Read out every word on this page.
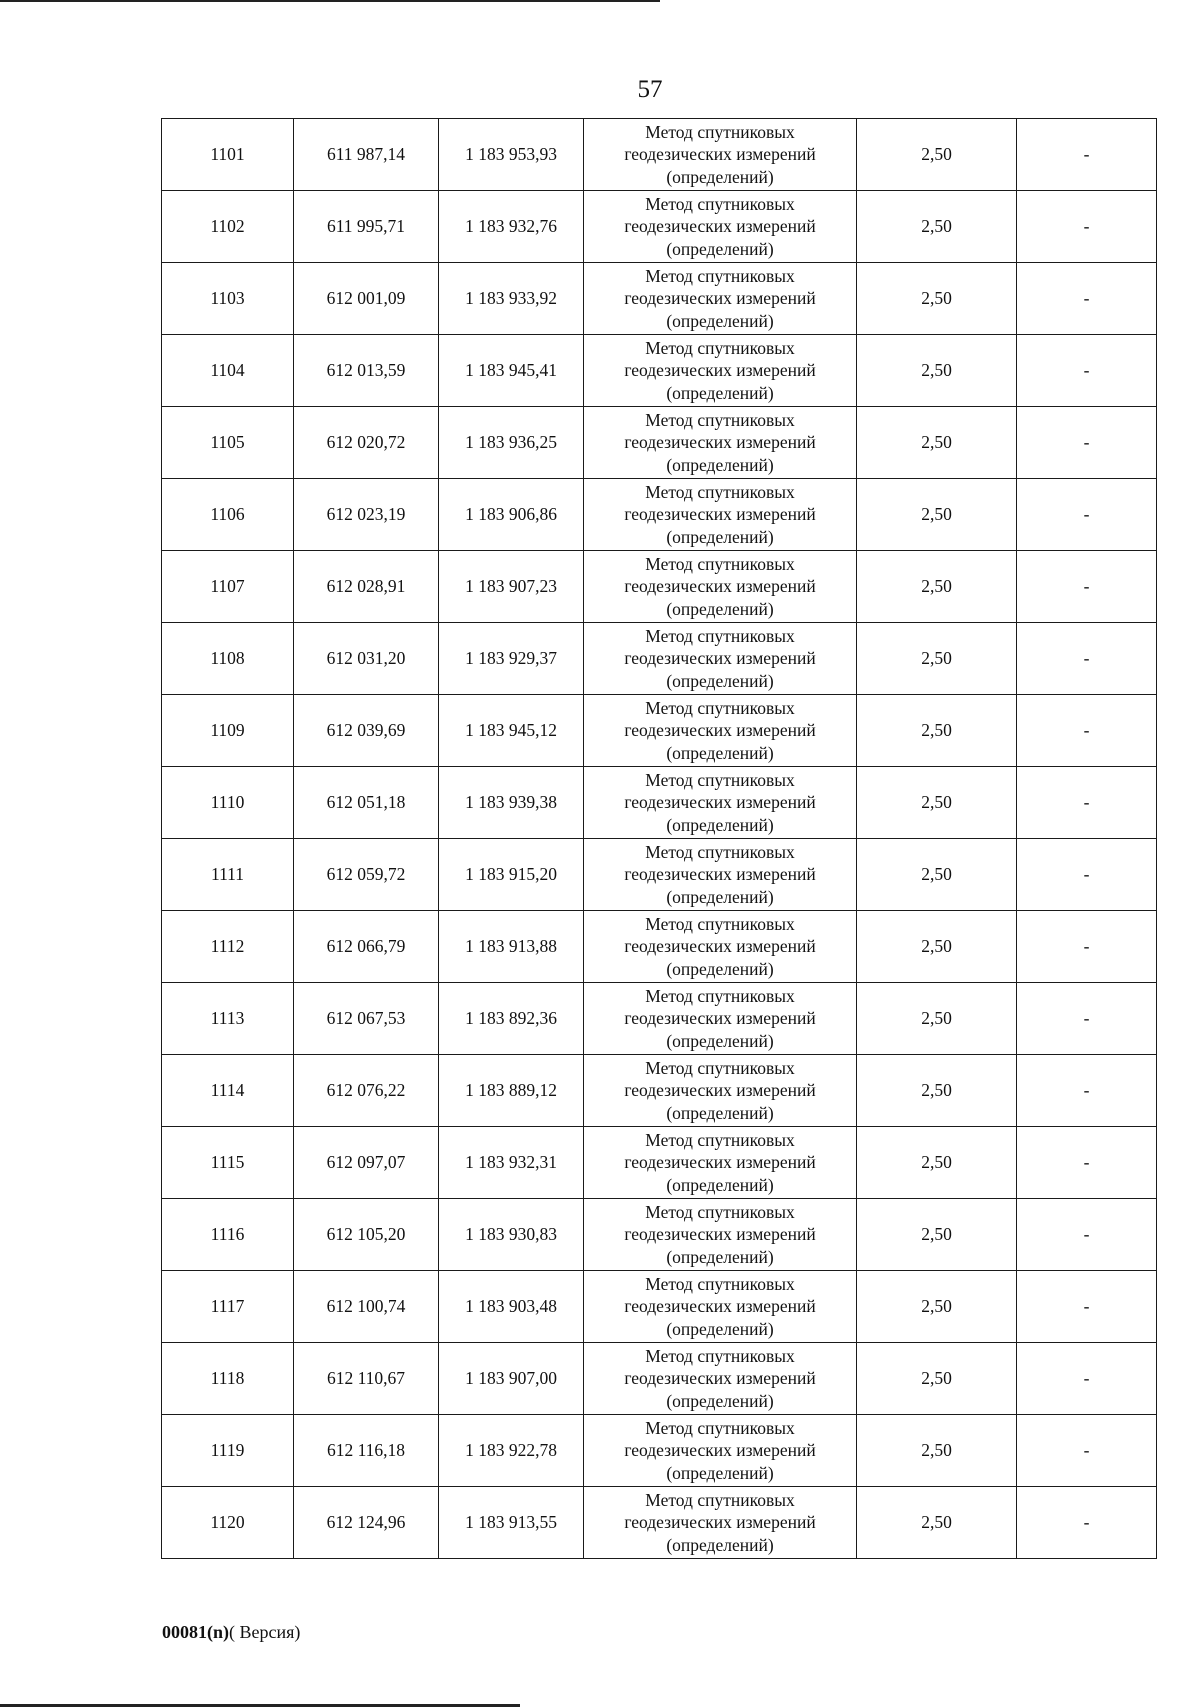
57
1101	611 987,14	1 183 953,93	Метод спутниковых
геодезических измерений
(определений)	2,50	-
1102	611 995,71	1 183 932,76	Метод спутниковых
геодезических измерений
(определений)	2,50	-
1103	612 001,09	1 183 933,92	Метод спутниковых
геодезических измерений
(определений)	2,50	-
1104	612 013,59	1 183 945,41	Метод спутниковых
геодезических измерений
(определений)	2,50	-
1105	612 020,72	1 183 936,25	Метод спутниковых
геодезических измерений
(определений)	2,50	-
1106	612 023,19	1 183 906,86	Метод спутниковых
геодезических измерений
(определений)	2,50	-
1107	612 028,91	1 183 907,23	Метод спутниковых
геодезических измерений
(определений)	2,50	-
1108	612 031,20	1 183 929,37	Метод спутниковых
геодезических измерений
(определений)	2,50	-
1109	612 039,69	1 183 945,12	Метод спутниковых
геодезических измерений
(определений)	2,50	-
1110	612 051,18	1 183 939,38	Метод спутниковых
геодезических измерений
(определений)	2,50	-
1111	612 059,72	1 183 915,20	Метод спутниковых
геодезических измерений
(определений)	2,50	-
1112	612 066,79	1 183 913,88	Метод спутниковых
геодезических измерений
(определений)	2,50	-
1113	612 067,53	1 183 892,36	Метод спутниковых
геодезических измерений
(определений)	2,50	-
1114	612 076,22	1 183 889,12	Метод спутниковых
геодезических измерений
(определений)	2,50	-
1115	612 097,07	1 183 932,31	Метод спутниковых
геодезических измерений
(определений)	2,50	-
1116	612 105,20	1 183 930,83	Метод спутниковых
геодезических измерений
(определений)	2,50	-
1117	612 100,74	1 183 903,48	Метод спутниковых
геодезических измерений
(определений)	2,50	-
1118	612 110,67	1 183 907,00	Метод спутниковых
геодезических измерений
(определений)	2,50	-
1119	612 116,18	1 183 922,78	Метод спутниковых
геодезических измерений
(определений)	2,50	-
1120	612 124,96	1 183 913,55	Метод спутниковых
геодезических измерений
(определений)	2,50	-
00081(n)( Версия)
